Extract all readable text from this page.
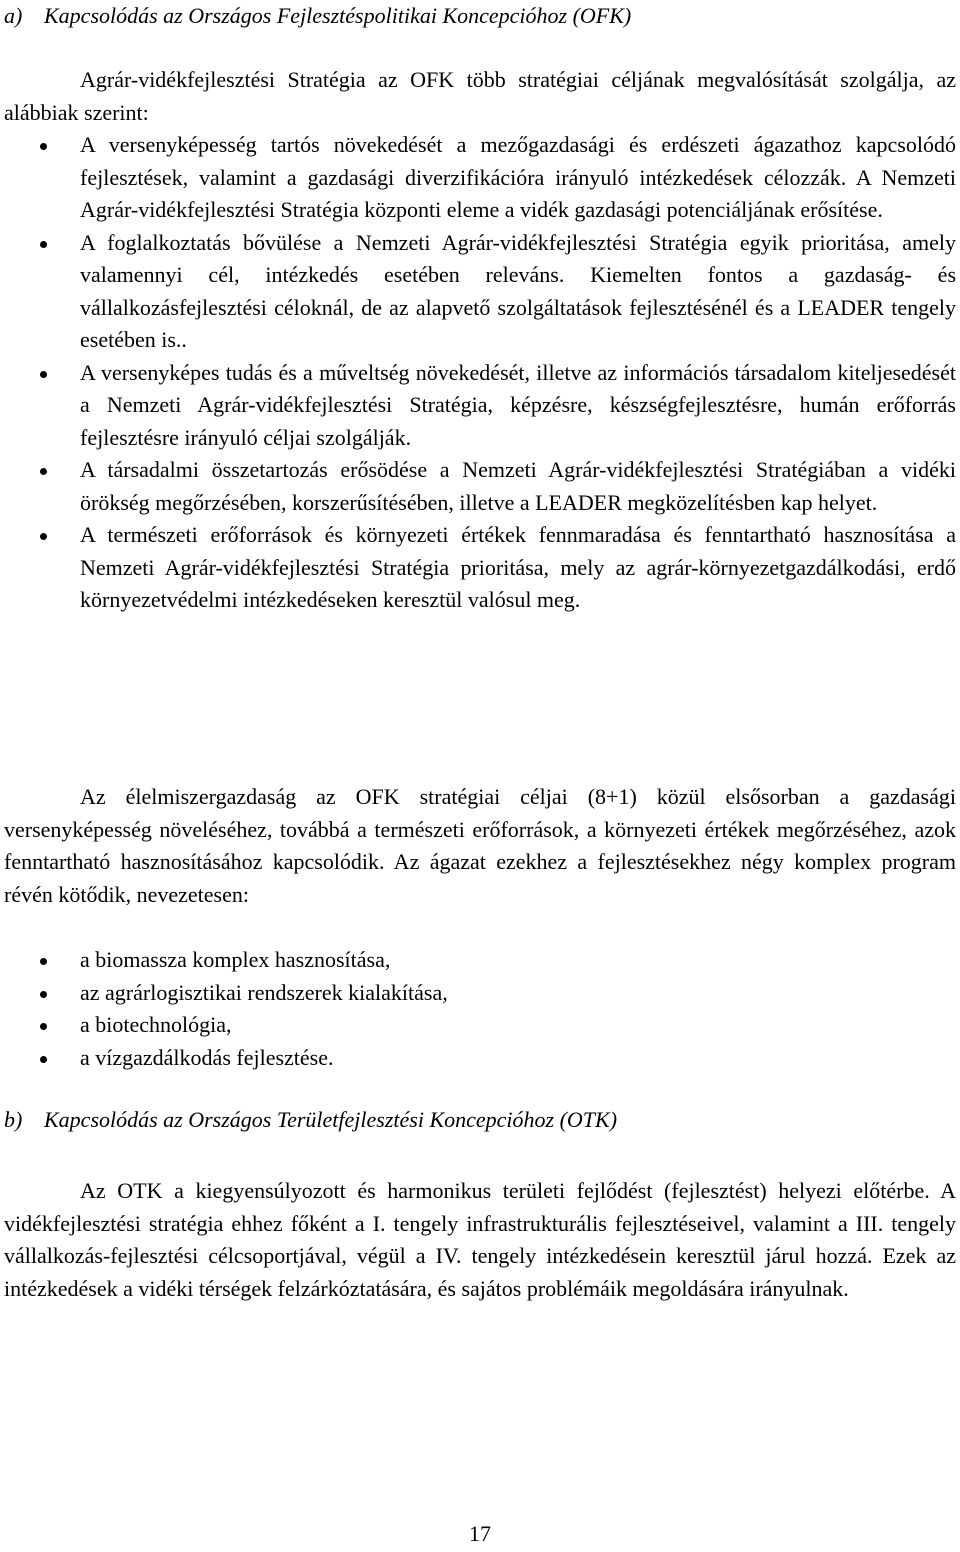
a) Kapcsolódás az Országos Fejlesztéspolitikai Koncepcióhoz (OFK)

Agrár-vidékfejlesztési Stratégia az OFK több stratégiai céljának megvalósítását szolgálja, az alábbiak szerint:

A versenyképesség tartós növekedését a mezőgazdasági és erdészeti ágazathoz kapcsolódó fejlesztések, valamint a gazdasági diverzifikációra irányuló intézkedések célozzák. A Nemzeti Agrár-vidékfejlesztési Stratégia központi eleme a vidék gazdasági potenciáljának erősítése.
A foglalkoztatás bővülése a Nemzeti Agrár-vidékfejlesztési Stratégia egyik prioritása, amely valamennyi cél, intézkedés esetében releváns. Kiemelten fontos a gazdaság- és vállalkozásfejlesztési céloknál, de az alapvető szolgáltatások fejlesztésénél és a LEADER tengely esetében is..
A versenyképes tudás és a műveltség növekedését, illetve az információs társadalom kiteljesedését a Nemzeti Agrár-vidékfejlesztési Stratégia, képzésre, készségfejlesztésre, humán erőforrás fejlesztésre irányuló céljai szolgálják.
A társadalmi összetartozás erősödése a Nemzeti Agrár-vidékfejlesztési Stratégiában a vidéki örökség megőrzésében, korszerűsítésében, illetve a LEADER megközelítésben kap helyet.
A természeti erőforrások és környezeti értékek fennmaradása és fenntartható hasznosítása a Nemzeti Agrár-vidékfejlesztési Stratégia prioritása, mely az agrár-környezetgazdálkodási, erdő környezetvédelmi intézkedéseken keresztül valósul meg.

Az élelmiszergazdaság az OFK stratégiai céljai (8+1) közül elsősorban a gazdasági versenyképesség növeléséhez, továbbá a természeti erőforrások, a környezeti értékek megőrzéséhez, azok fenntartható hasznosításához kapcsolódik. Az ágazat ezekhez a fejlesztésekhez négy komplex program révén kötődik, nevezetesen:

a biomassza komplex hasznosítása,
az agrárlogisztikai rendszerek kialakítása,
a biotechnológia,
a vízgazdálkodás fejlesztése.

b) Kapcsolódás az Országos Területfejlesztési Koncepcióhoz (OTK)

Az OTK a kiegyensúlyozott és harmonikus területi fejlődést (fejlesztést) helyezi előtérbe. A vidékfejlesztési stratégia ehhez főként a I. tengely infrastrukturális fejlesztéseivel, valamint a III. tengely vállalkozás-fejlesztési célcsoportjával, végül a IV. tengely intézkedésein keresztül járul hozzá. Ezek az intézkedések a vidéki térségek felzárkóztatására, és sajátos problémáik megoldására irányulnak.

17
